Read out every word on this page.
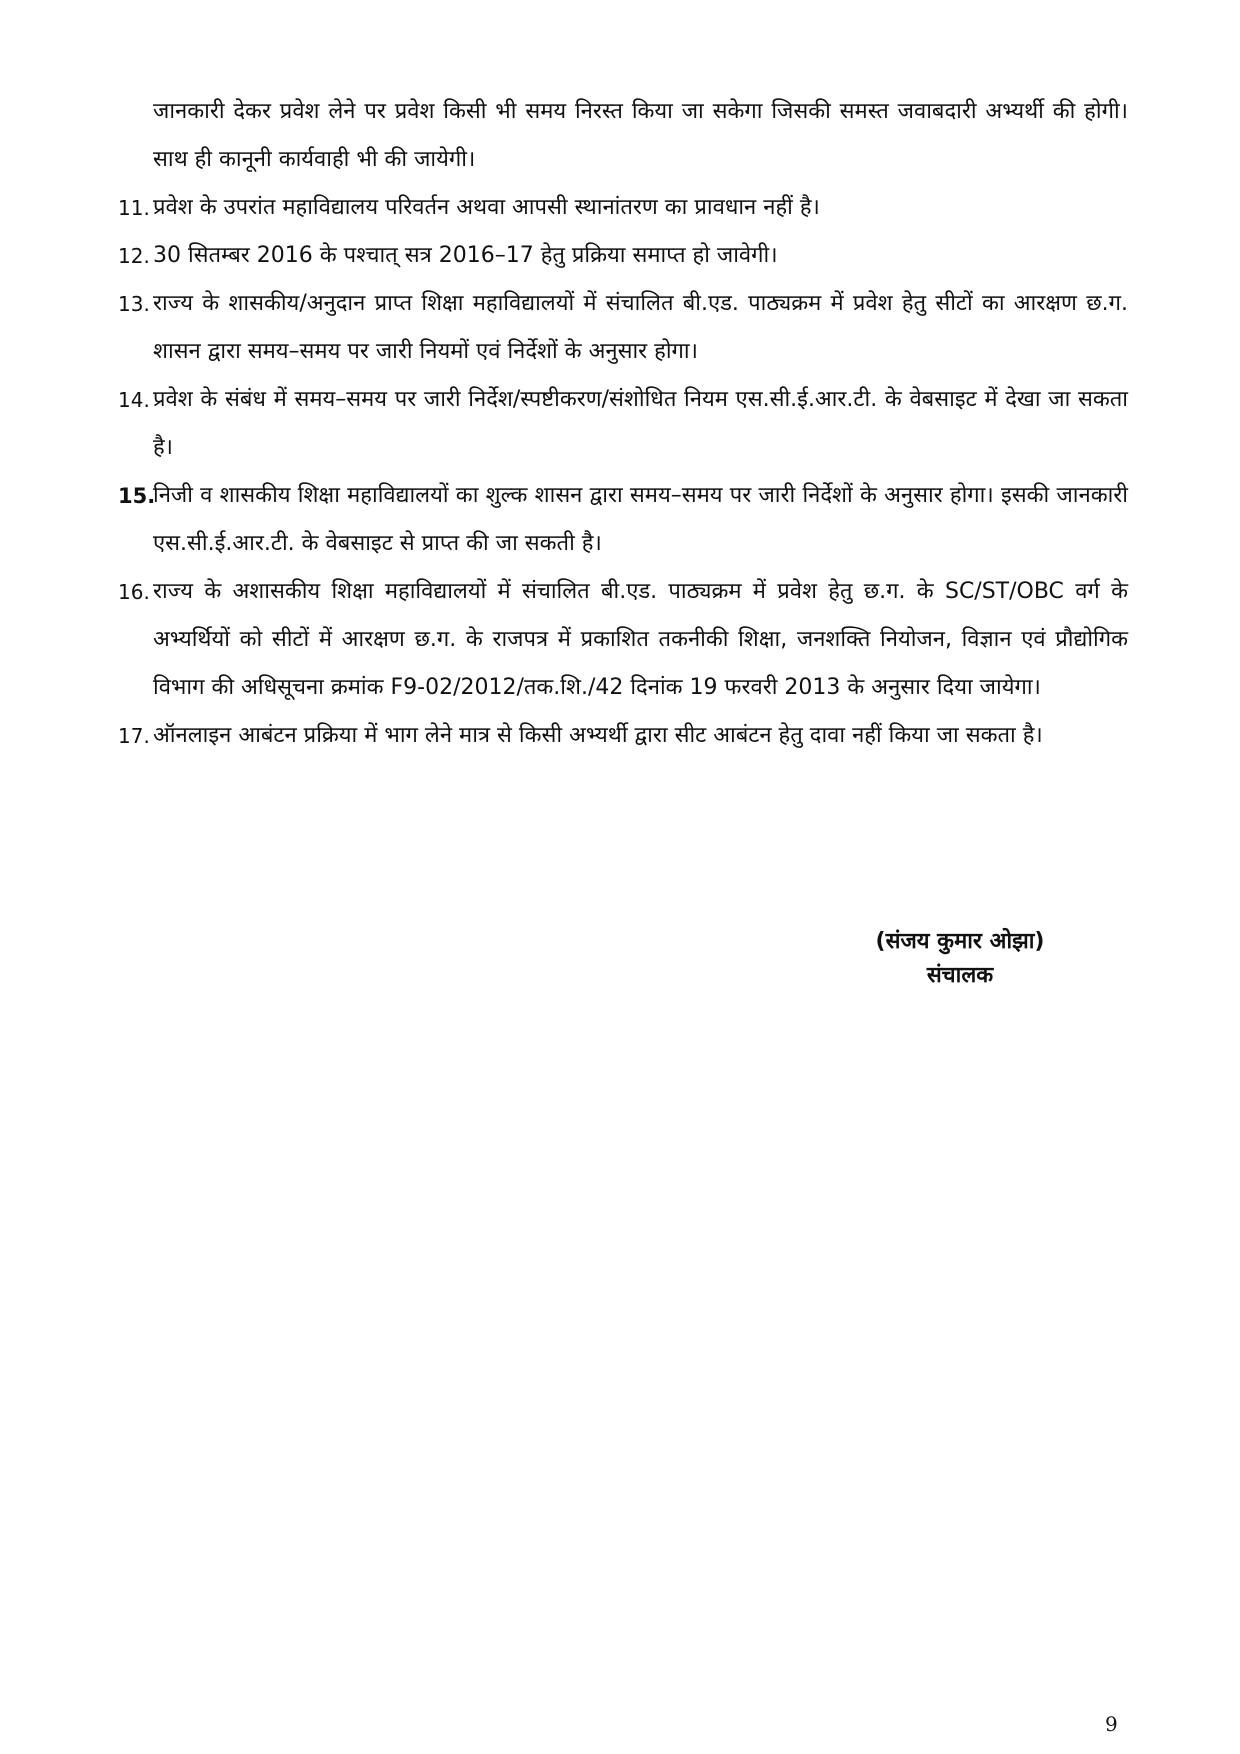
जानकारी देकर प्रवेश लेने पर प्रवेश किसी भी समय निरस्त किया जा सकेगा जिसकी समस्त जवाबदारी अभ्यर्थी की होगी। साथ ही कानूनी कार्यवाही भी की जायेगी।

11. प्रवेश के उपरांत महाविद्यालय परिवर्तन अथवा आपसी स्थानांतरण का प्रावधान नहीं है।

12. 30 सितम्बर 2016 के पश्चात् सत्र 2016–17 हेतु प्रक्रिया समाप्त हो जावेगी।

13. राज्य के शासकीय/अनुदान प्राप्त शिक्षा महाविद्यालयों में संचालित बी.एड. पाठ्यक्रम में प्रवेश हेतु सीटों का आरक्षण छ.ग. शासन द्वारा समय–समय पर जारी नियमों एवं निर्देशों के अनुसार होगा।

14. प्रवेश के संबंध में समय–समय पर जारी निर्देश/स्पष्टीकरण/संशोधित नियम एस.सी.ई.आर.टी. के वेबसाइट में देखा जा सकता है।

15.
निजी व शासकीय शिक्षा महाविद्यालयों का शुल्क शासन द्वारा समय–समय पर जारी निर्देशों के अनुसार होगा। इसकी जानकारी एस.सी.ई.आर.टी. के वेबसाइट से प्राप्त की जा सकती है।

16. राज्य के अशासकीय शिक्षा महाविद्यालयों में संचालित बी.एड. पाठ्यक्रम में प्रवेश हेतु छ.ग. के SC/ST/OBC वर्ग के अभ्यर्थियों को सीटों में आरक्षण छ.ग. के राजपत्र में प्रकाशित तकनीकी शिक्षा, जनशक्ति नियोजन, विज्ञान एवं प्रौद्योगिक विभाग की अधिसूचना क्रमांक F9-02/2012/तक.शि./42 दिनांक 19 फरवरी 2013 के अनुसार दिया जायेगा।

17. ऑनलाइन आबंटन प्रक्रिया में भाग लेने मात्र से किसी अभ्यर्थी द्वारा सीट आबंटन हेतु दावा नहीं किया जा सकता है।

(संजय कुमार ओझा)
संचालक
9
